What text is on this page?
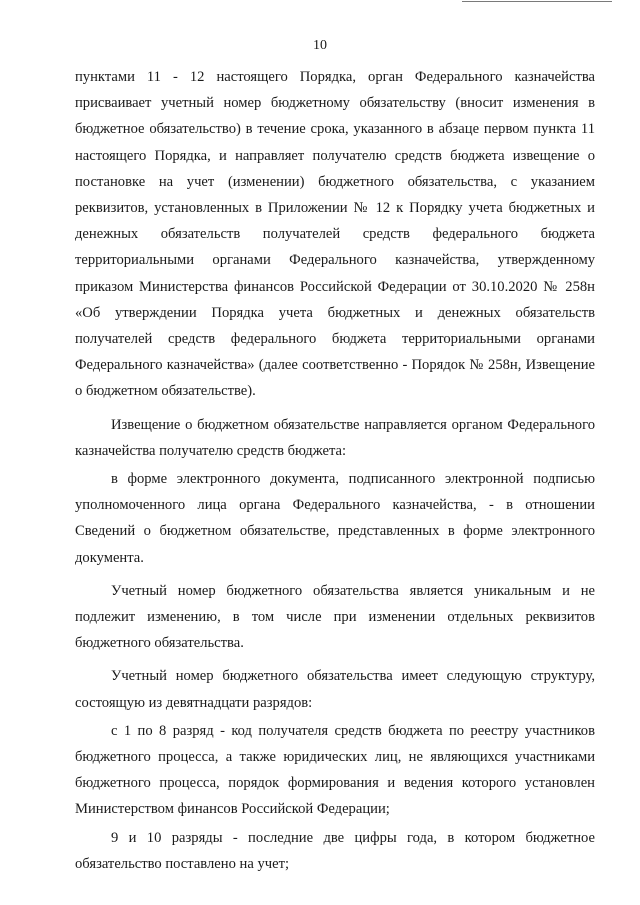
10

пунктами 11 - 12 настоящего Порядка, орган Федерального казначейства присваивает учетный номер бюджетному обязательству (вносит изменения в бюджетное обязательство) в течение срока, указанного в абзаце первом пункта 11 настоящего Порядка, и направляет получателю средств бюджета извещение о постановке на учет (изменении) бюджетного обязательства, с указанием реквизитов, установленных в Приложении № 12 к Порядку учета бюджетных и денежных обязательств получателей средств федерального бюджета территориальными органами Федерального казначейства, утвержденному приказом Министерства финансов Российской Федерации от 30.10.2020 № 258н «Об утверждении Порядка учета бюджетных и денежных обязательств получателей средств федерального бюджета территориальными органами Федерального казначейства» (далее соответственно - Порядок № 258н, Извещение о бюджетном обязательстве).

Извещение о бюджетном обязательстве направляется органом Федерального казначейства получателю средств бюджета:

в форме электронного документа, подписанного электронной подписью уполномоченного лица органа Федерального казначейства, - в отношении Сведений о бюджетном обязательстве, представленных в форме электронного документа.

Учетный номер бюджетного обязательства является уникальным и не подлежит изменению, в том числе при изменении отдельных реквизитов бюджетного обязательства.

Учетный номер бюджетного обязательства имеет следующую структуру, состоящую из девятнадцати разрядов:

с 1 по 8 разряд - код получателя средств бюджета по реестру участников бюджетного процесса, а также юридических лиц, не являющихся участниками бюджетного процесса, порядок формирования и ведения которого установлен Министерством финансов Российской Федерации;

9 и 10 разряды - последние две цифры года, в котором бюджетное обязательство поставлено на учет;
